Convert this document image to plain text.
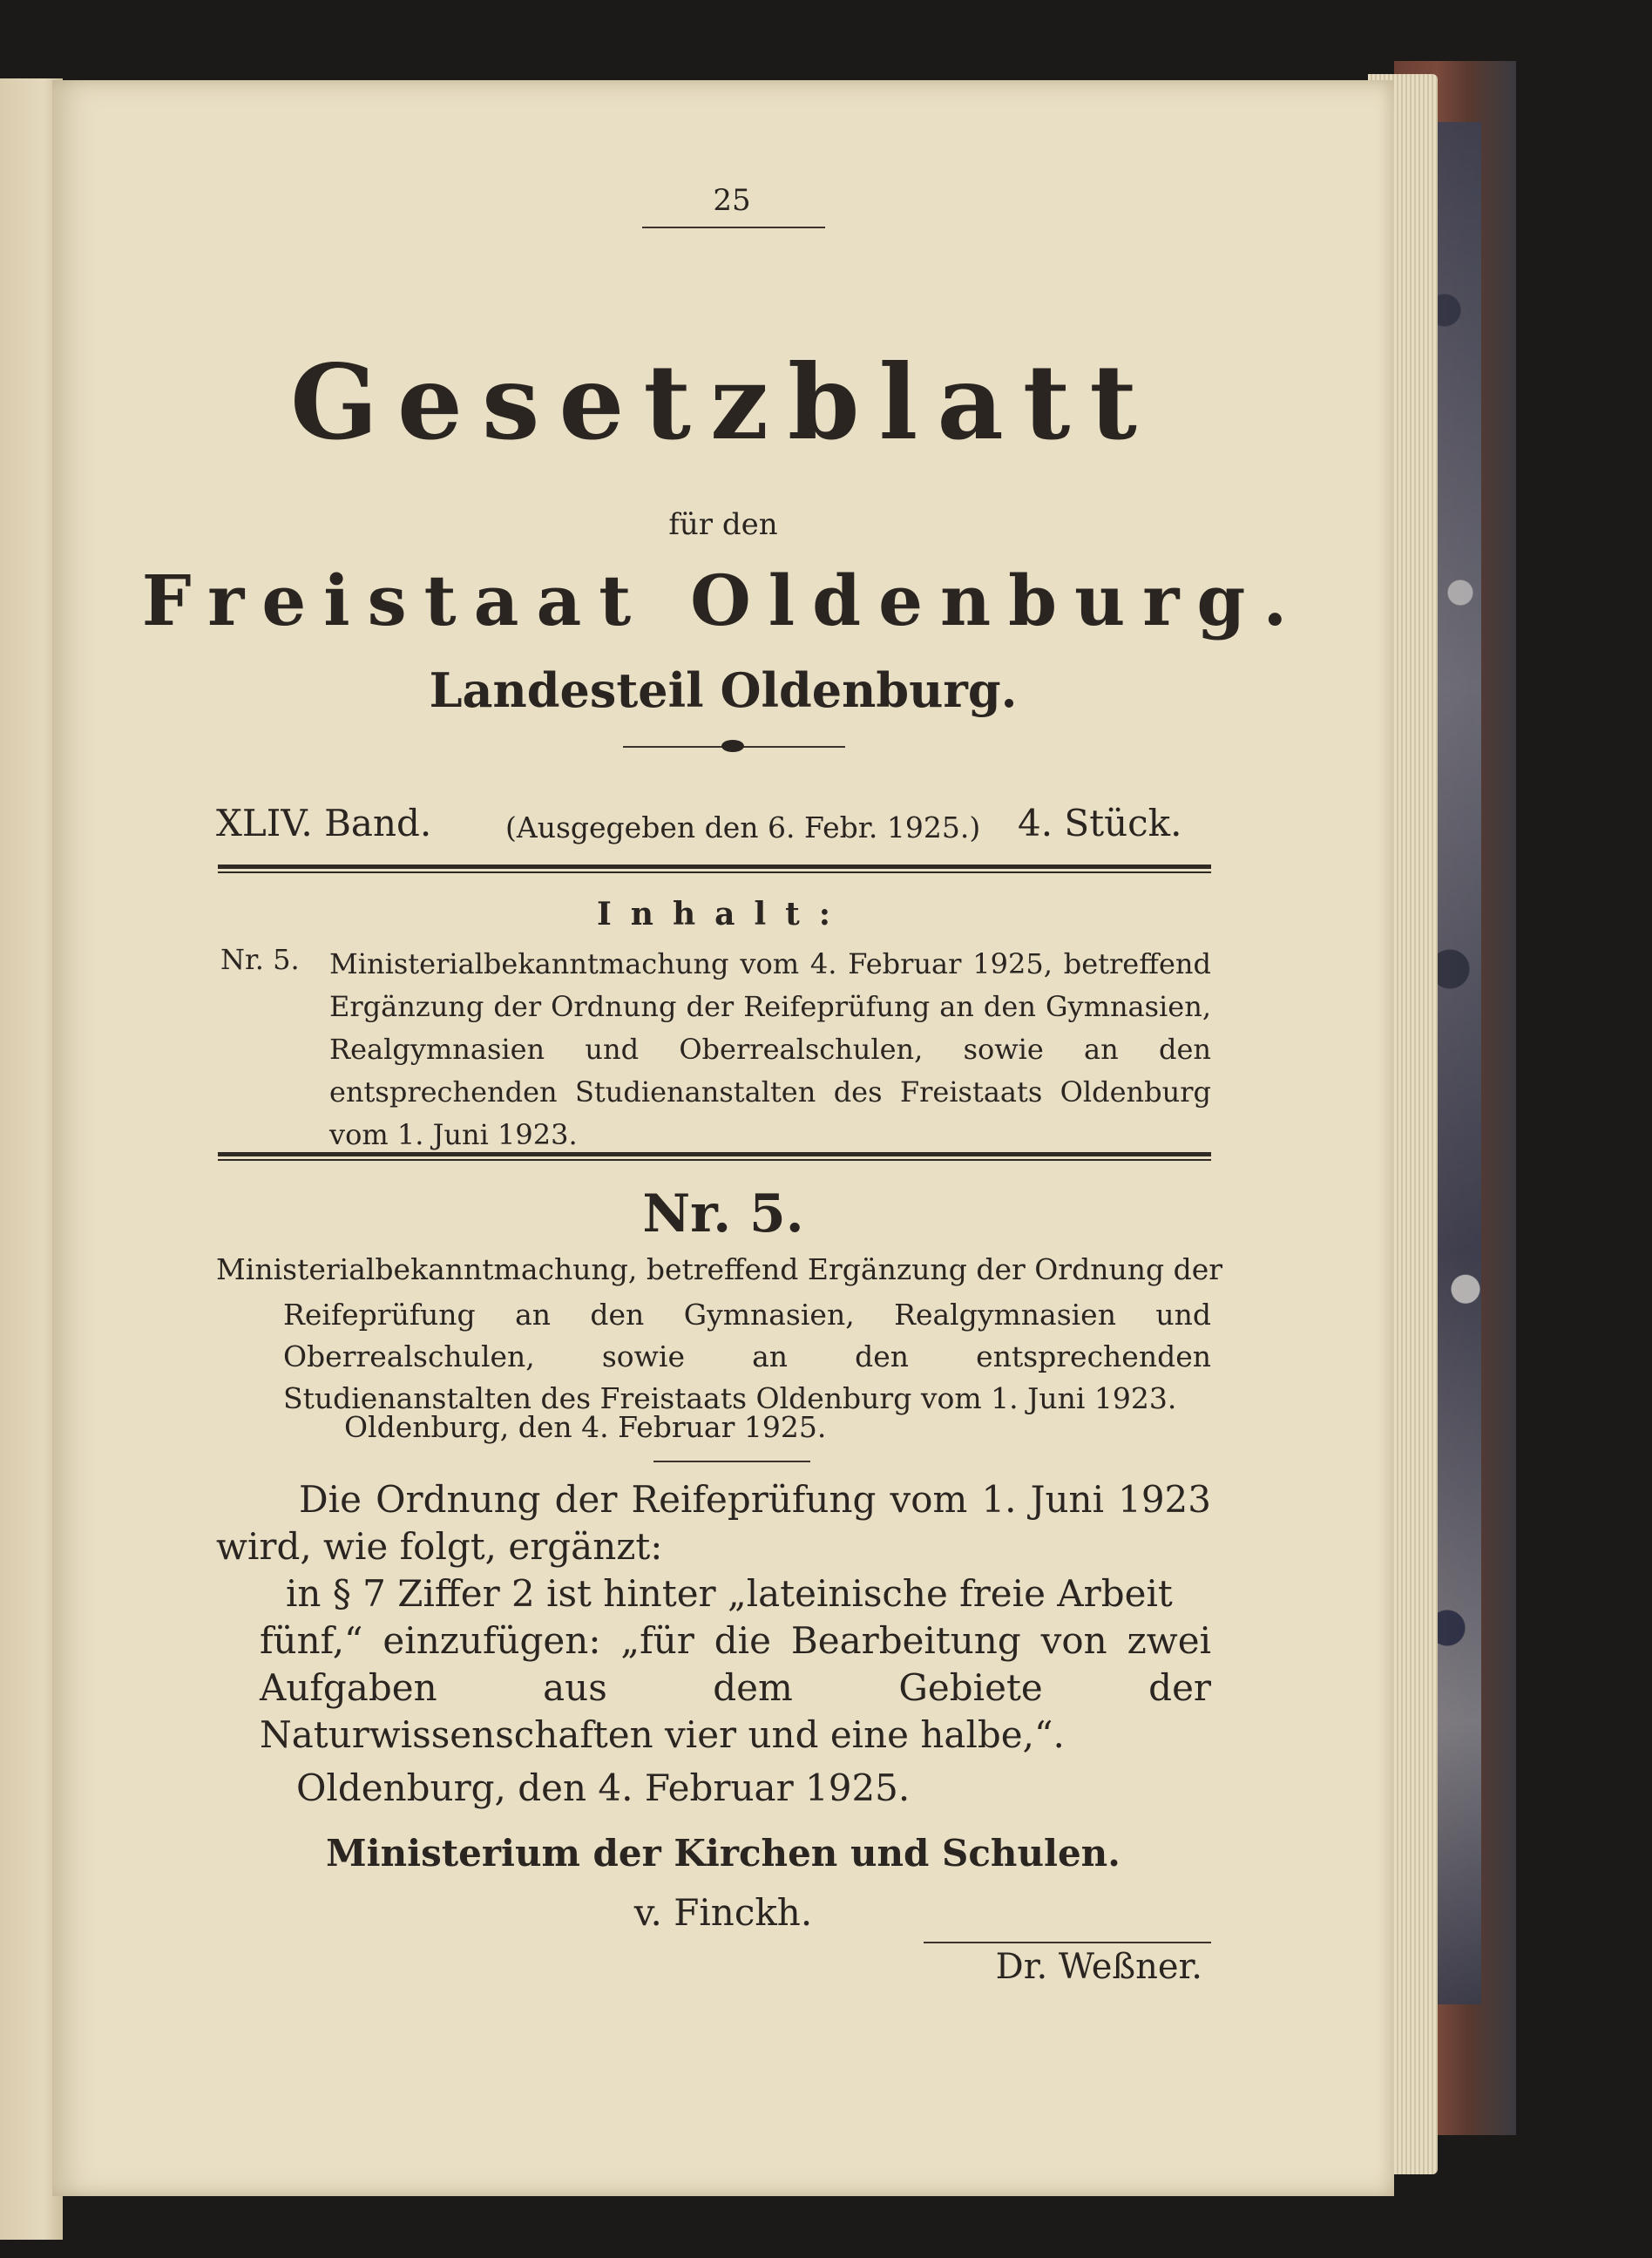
25
Gesetzblatt
für den
Freistaat Oldenburg.
Landesteil Oldenburg.
XLIV. Band.	(Ausgegeben den 6. Febr. 1925.) 4. Stück.
Inhalt:
Nr. 5. Ministerialbekanntmachung vom 4. Februar 1925, betreffend Ergänzung der Ordnung der Reifeprüfung an den Gymnasien, Realgymnasien und Oberrealschulen, sowie an den entsprechenden Studienanstalten des Freistaats Oldenburg vom 1. Juni 1923.
Nr. 5.
Ministerialbekanntmachung, betreffend Ergänzung der Ordnung der
Reifeprüfung an den Gymnasien, Realgymnasien und Oberrealschulen, sowie an den entsprechenden Studienanstalten des Freistaats Oldenburg vom 1. Juni 1923.
Oldenburg, den 4. Februar 1925.

Die Ordnung der Reifeprüfung vom 1. Juni 1923 wird, wie folgt, ergänzt:

in § 7 Ziffer 2 ist hinter „lateinische freie Arbeit

fünf,“ einzufügen: „für die Bearbeitung von zwei Aufgaben aus dem Gebiete der Naturwissenschaften vier und eine halbe,“.

Oldenburg, den 4. Februar 1925.
Ministerium der Kirchen und Schulen.
v. Finckh.
Dr. Weßner.
